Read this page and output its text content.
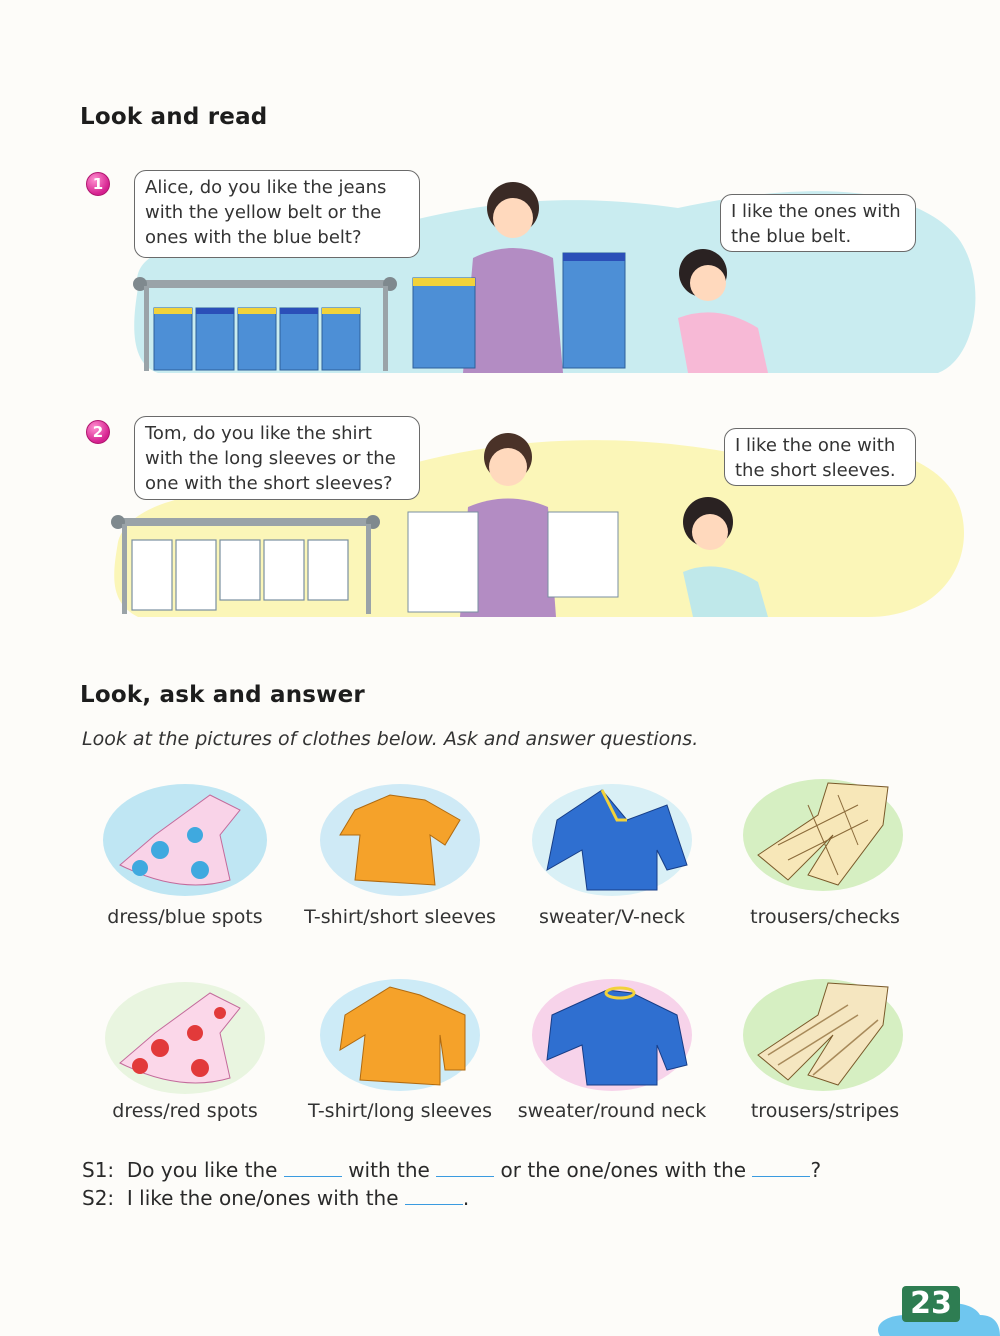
Look and read
1	Alice, do you like the jeans with the yellow belt or the ones with the blue belt?
I like the ones with the blue belt.
2	Tom, do you like the shirt with the long sleeves or the one with the short sleeves?
I like the one with the short sleeves.
Look, ask and answer
Look at the pictures of clothes below. Ask and answer questions.
dress/blue spots	T-shirt/short sleeves	sweater/V-neck	trousers/checks
dress/red spots	T-shirt/long sleeves	sweater/round neck	trousers/stripes
S1: Do you like the	with the	or the one/ones with the	?
S2: I like the one/ones with the	.
23
